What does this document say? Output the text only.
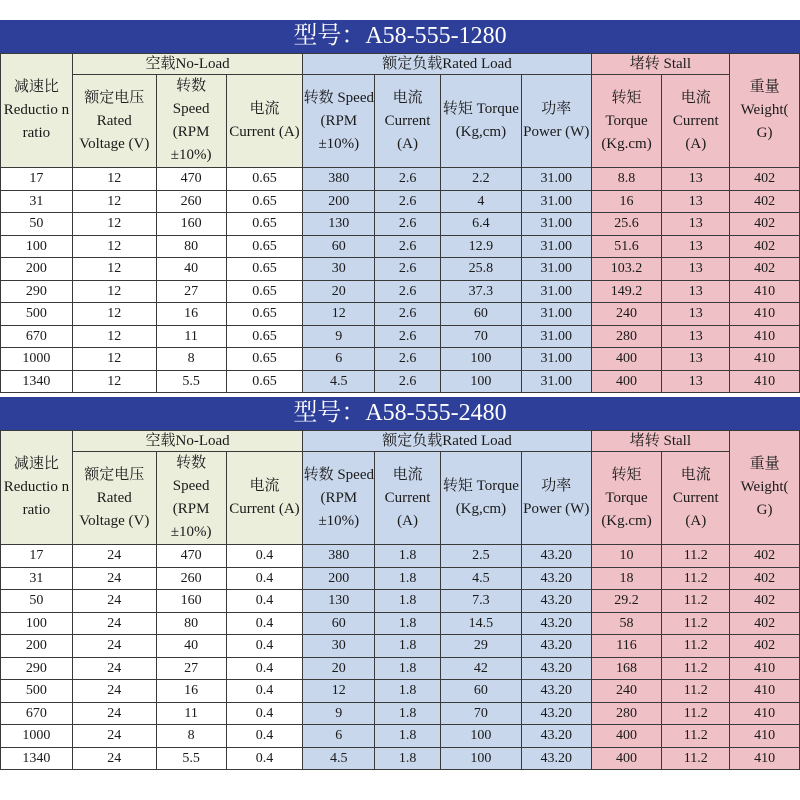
型号：A58-555-1280
减速比 Reductio n ratio	空载No-Load			额定负载Rated Load				堵转 Stall		重量 Weight( G)
	额定电压 Rated Voltage (V)	转数 Speed (RPM ±10%)	电流 Current (A)	转数 Speed (RPM ±10%)	电流 Current (A)	转矩 Torque (Kg,cm)	功率 Power (W)	转矩 Torque (Kg.cm)	电流 Current (A)	
17	12	470	0.65	380	2.6	2.2	31.00	8.8	13	402
31	12	260	0.65	200	2.6	4	31.00	16	13	402
50	12	160	0.65	130	2.6	6.4	31.00	25.6	13	402
100	12	80	0.65	60	2.6	12.9	31.00	51.6	13	402
200	12	40	0.65	30	2.6	25.8	31.00	103.2	13	402
290	12	27	0.65	20	2.6	37.3	31.00	149.2	13	410
500	12	16	0.65	12	2.6	60	31.00	240	13	410
670	12	11	0.65	9	2.6	70	31.00	280	13	410
1000	12	8	0.65	6	2.6	100	31.00	400	13	410
1340	12	5.5	0.65	4.5	2.6	100	31.00	400	13	410
型号：A58-555-2480
减速比 Reductio n ratio	空载No-Load			额定负载Rated Load				堵转 Stall		重量 Weight( G)
	额定电压 Rated Voltage (V)	转数 Speed (RPM ±10%)	电流 Current (A)	转数 Speed (RPM ±10%)	电流 Current (A)	转矩 Torque (Kg,cm)	功率 Power (W)	转矩 Torque (Kg.cm)	电流 Current (A)	
17	24	470	0.4	380	1.8	2.5	43.20	10	11.2	402
31	24	260	0.4	200	1.8	4.5	43.20	18	11.2	402
50	24	160	0.4	130	1.8	7.3	43.20	29.2	11.2	402
100	24	80	0.4	60	1.8	14.5	43.20	58	11.2	402
200	24	40	0.4	30	1.8	29	43.20	116	11.2	402
290	24	27	0.4	20	1.8	42	43.20	168	11.2	410
500	24	16	0.4	12	1.8	60	43.20	240	11.2	410
670	24	11	0.4	9	1.8	70	43.20	280	11.2	410
1000	24	8	0.4	6	1.8	100	43.20	400	11.2	410
1340	24	5.5	0.4	4.5	1.8	100	43.20	400	11.2	410
